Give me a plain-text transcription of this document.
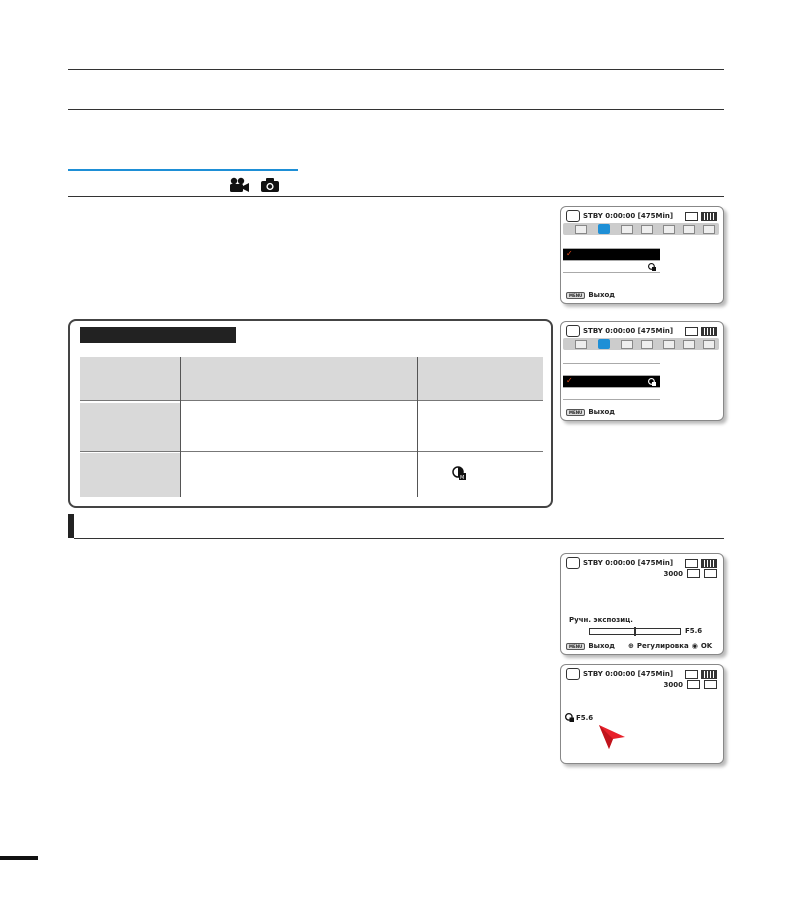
M
STBY 0:00:00 [475Min]
✓
MENU Выход
STBY 0:00:00 [475Min]
✓
MENU Выход
STBY 0:00:00 [475Min]
3000
Ручн. экспозиц.
F5.6
MENU Выход ⊕ Регулировка ◉ OK
STBY 0:00:00 [475Min]
3000
F5.6
